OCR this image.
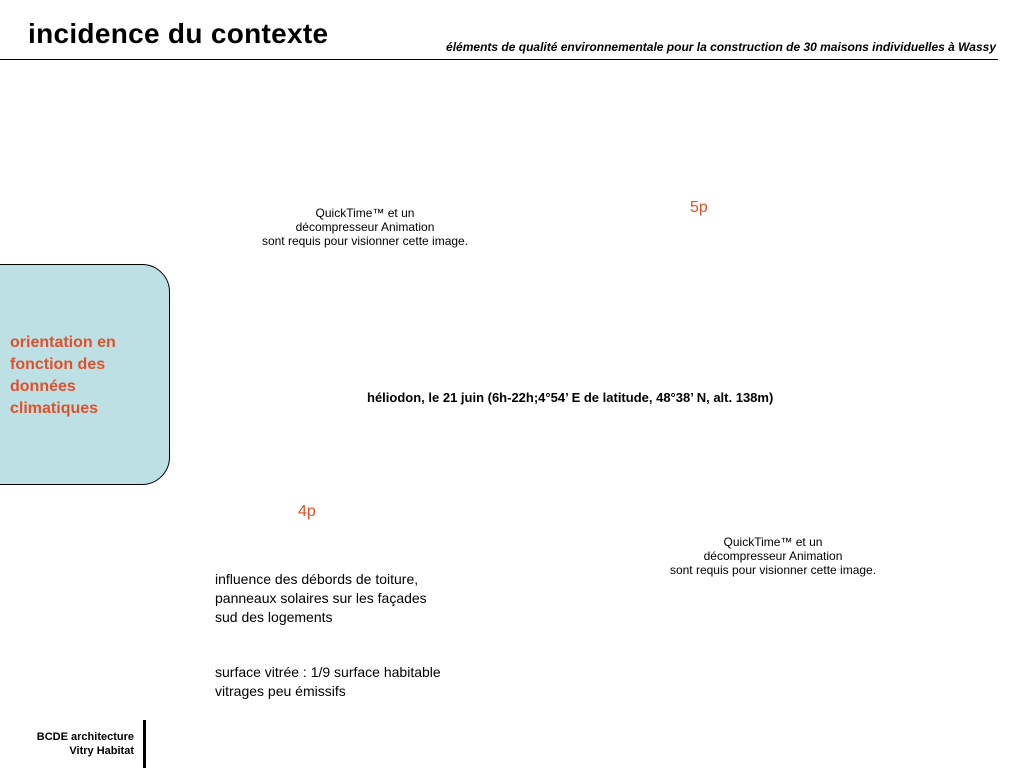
incidence du contexte	éléments de qualité environnementale pour la construction de 30 maisons individuelles à Wassy
QuickTime™ et un
décompresseur Animation
sont requis pour visionner cette image.
5p
orientation en
fonction des
données
climatiques
héliodon, le 21 juin (6h-22h;4°54’ E de latitude, 48°38’ N, alt. 138m)
4p
QuickTime™ et un
décompresseur Animation
sont requis pour visionner cette image.
influence des débords de toiture,
panneaux solaires sur les façades
sud des logements
surface vitrée : 1/9 surface habitable
vitrages peu émissifs
BCDE architecture
Vitry Habitat
